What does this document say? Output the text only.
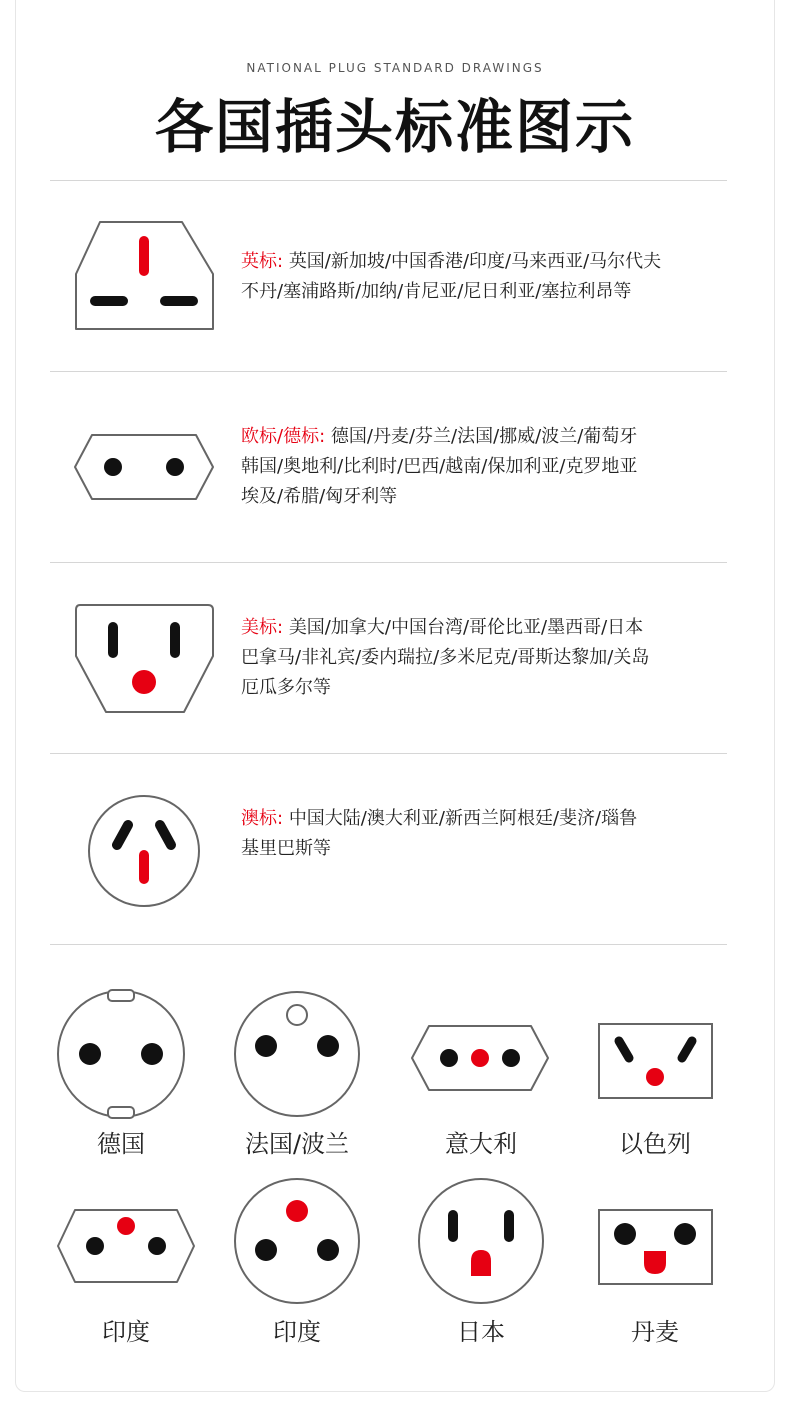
NATIONAL PLUG STANDARD DRAWINGS
各国插头标准图示
英标: 英国/新加坡/中国香港/印度/马来西亚/马尔代夫
不丹/塞浦路斯/加纳/肯尼亚/尼日利亚/塞拉利昂等
欧标/德标: 德国/丹麦/芬兰/法国/挪威/波兰/葡萄牙
韩国/奥地利/比利时/巴西/越南/保加利亚/克罗地亚
埃及/希腊/匈牙利等
美标: 美国/加拿大/中国台湾/哥伦比亚/墨西哥/日本
巴拿马/非礼宾/委内瑞拉/多米尼克/哥斯达黎加/关岛
厄瓜多尔等
澳标: 中国大陆/澳大利亚/新西兰阿根廷/斐济/瑙鲁
基里巴斯等
德国	法国/波兰	意大利	以色列
印度	印度	日本	丹麦
